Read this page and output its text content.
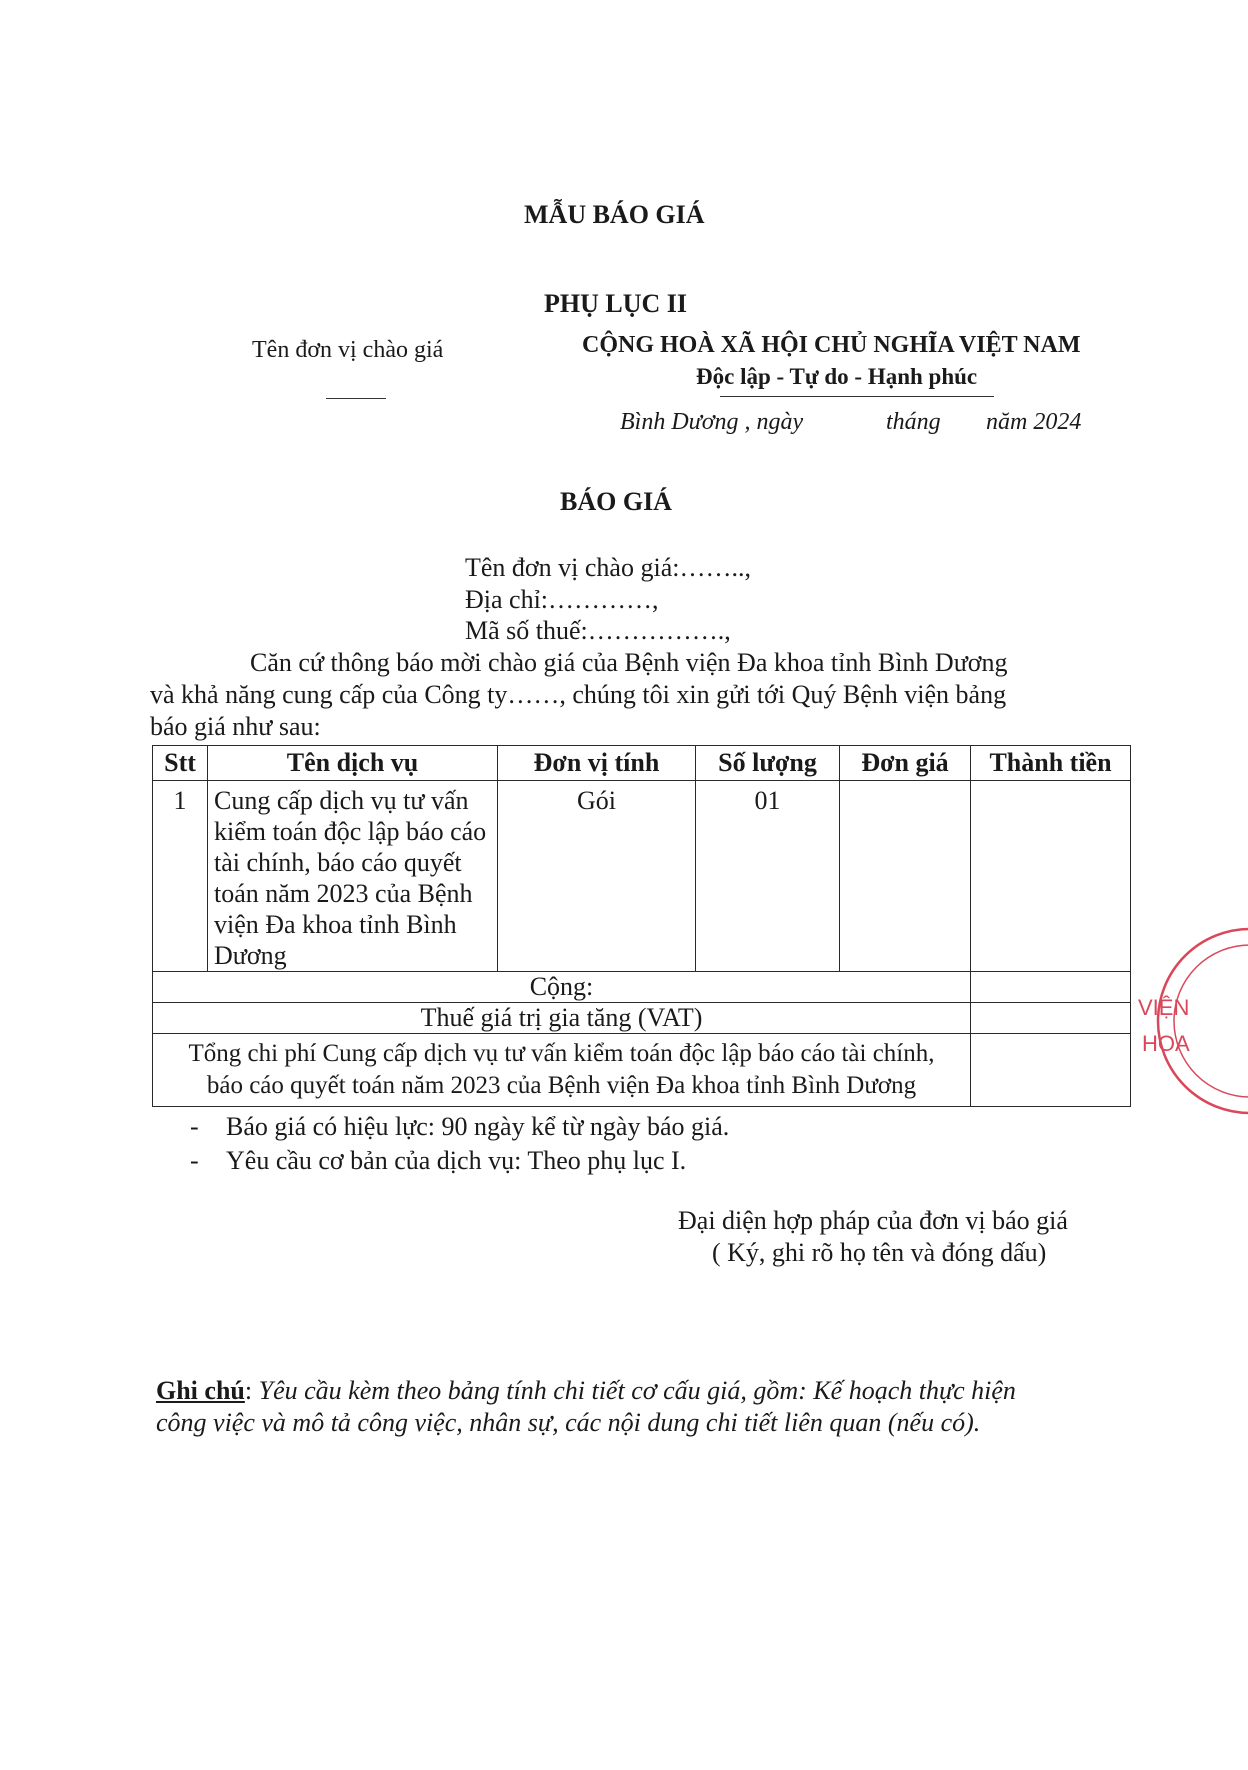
MẪU BÁO GIÁ
PHỤ LỤC II
Tên đơn vị chào giá	CỘNG HOÀ XÃ HỘI CHỦ NGHĨA VIỆT NAM
Độc lập - Tự do - Hạnh phúc
Bình Dương , ngày	tháng năm 2024
BÁO GIÁ
Tên đơn vị chào giá:……..,
Địa chỉ:…………,
Mã số thuế:…………….,
Căn cứ thông báo mời chào giá của Bệnh viện Đa khoa tỉnh Bình Dương
và khả năng cung cấp của Công ty……, chúng tôi xin gửi tới Quý Bệnh viện bảng
báo giá như sau:
Stt	Tên dịch vụ	Đơn vị tính	Số lượng	Đơn giá	Thành tiền
1	Cung cấp dịch vụ tư vấn kiểm toán độc lập báo cáo tài chính, báo cáo quyết toán năm 2023 của Bệnh viện Đa khoa tỉnh Bình Dương	Gói	01		
Cộng:					
Thuế giá trị gia tăng (VAT)					
Tổng chi phí Cung cấp dịch vụ tư vấn kiểm toán độc lập báo cáo tài chính,
báo cáo quyết toán năm 2023 của Bệnh viện Đa khoa tỉnh Bình Dương					
- Báo giá có hiệu lực: 90 ngày kể từ ngày báo giá.
- Yêu cầu cơ bản của dịch vụ: Theo phụ lục I.
Đại diện hợp pháp của đơn vị báo giá
( Ký, ghi rõ họ tên và đóng dấu)
Ghi chú: Yêu cầu kèm theo bảng tính chi tiết cơ cấu giá, gồm: Kế hoạch thực hiện
công việc và mô tả công việc, nhân sự, các nội dung chi tiết liên quan (nếu có).
VIỆN
HOA
